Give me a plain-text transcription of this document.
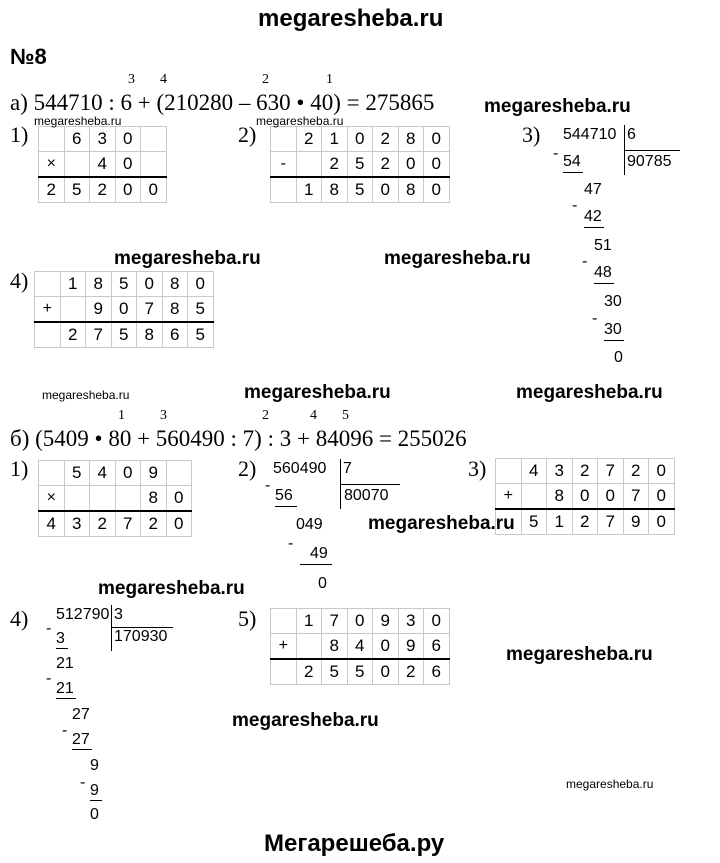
megaresheba.ru
№8
3 4	2	1
а) 544710 : 6 + (210280 – 630 • 40) = 275865
1)
		6	3	0	
×		4	0	
2	5	2	0	0
2)
		2	1	0	2	8	0
-		2	5	2	0	0
	1	8	5	0	8	0
3) 544710 6
90785
- 54
47
-
42
51
-
48
30
-
30
0
4)
	1	8	5	0	8	0
+		9	0	7	8	5
	2	7	5	8	6	5
1	3	2	4 5
б) (5409 • 80 + 560490 : 7) : 3 + 84096 = 255026
1)
		5	4	0	9	
×				8	0
4	3	2	7	2	0
2) 560490 7
80070
-
56
049
-
49
0
3)
		4	3	2	7	2	0
+		8	0	0	7	0
	5	1	2	7	9	0
4) 512790 3
170930
-
3
21
-
21
27
-
27
9
- 9
0
5)
		1	7	0	9	3	0
+		8	4	0	9	6
	2	5	5	0	2	6
megaresheba.ru	megaresheba.ru
megaresheba.ru
megaresheba.ru	megaresheba.ru
megaresheba.ru	megaresheba.ru	megaresheba.ru
megaresheba.ru
megaresheba.ru
megaresheba.ru
megaresheba.ru
megaresheba.ru
Мегарешеба.ру
